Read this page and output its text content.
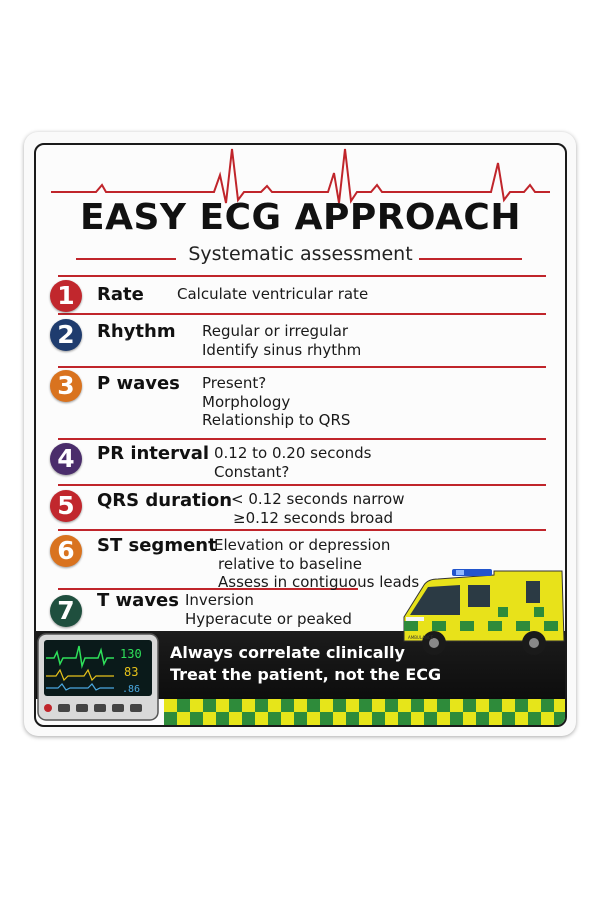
EASY ECG APPROACH
Systematic assessment
1	Rate Calculate ventricular rate
2	Rhythm Regular or irregular
Identify sinus rhythm
3	P waves Present?
Morphology
Relationship to QRS
4	PR interval 0.12 to 0.20 seconds
Constant?
5	QRS duration
< 0.12 seconds narrow
≥0.12 seconds broad
6	ST segment
Elevation or depression
relative to baseline
Assess in contiguous leads
7	T waves Inversion
Hyperacute or peaked
Always correlate clinically
Treat the patient, not the ECG
130
83
.86
AMBULANCE
